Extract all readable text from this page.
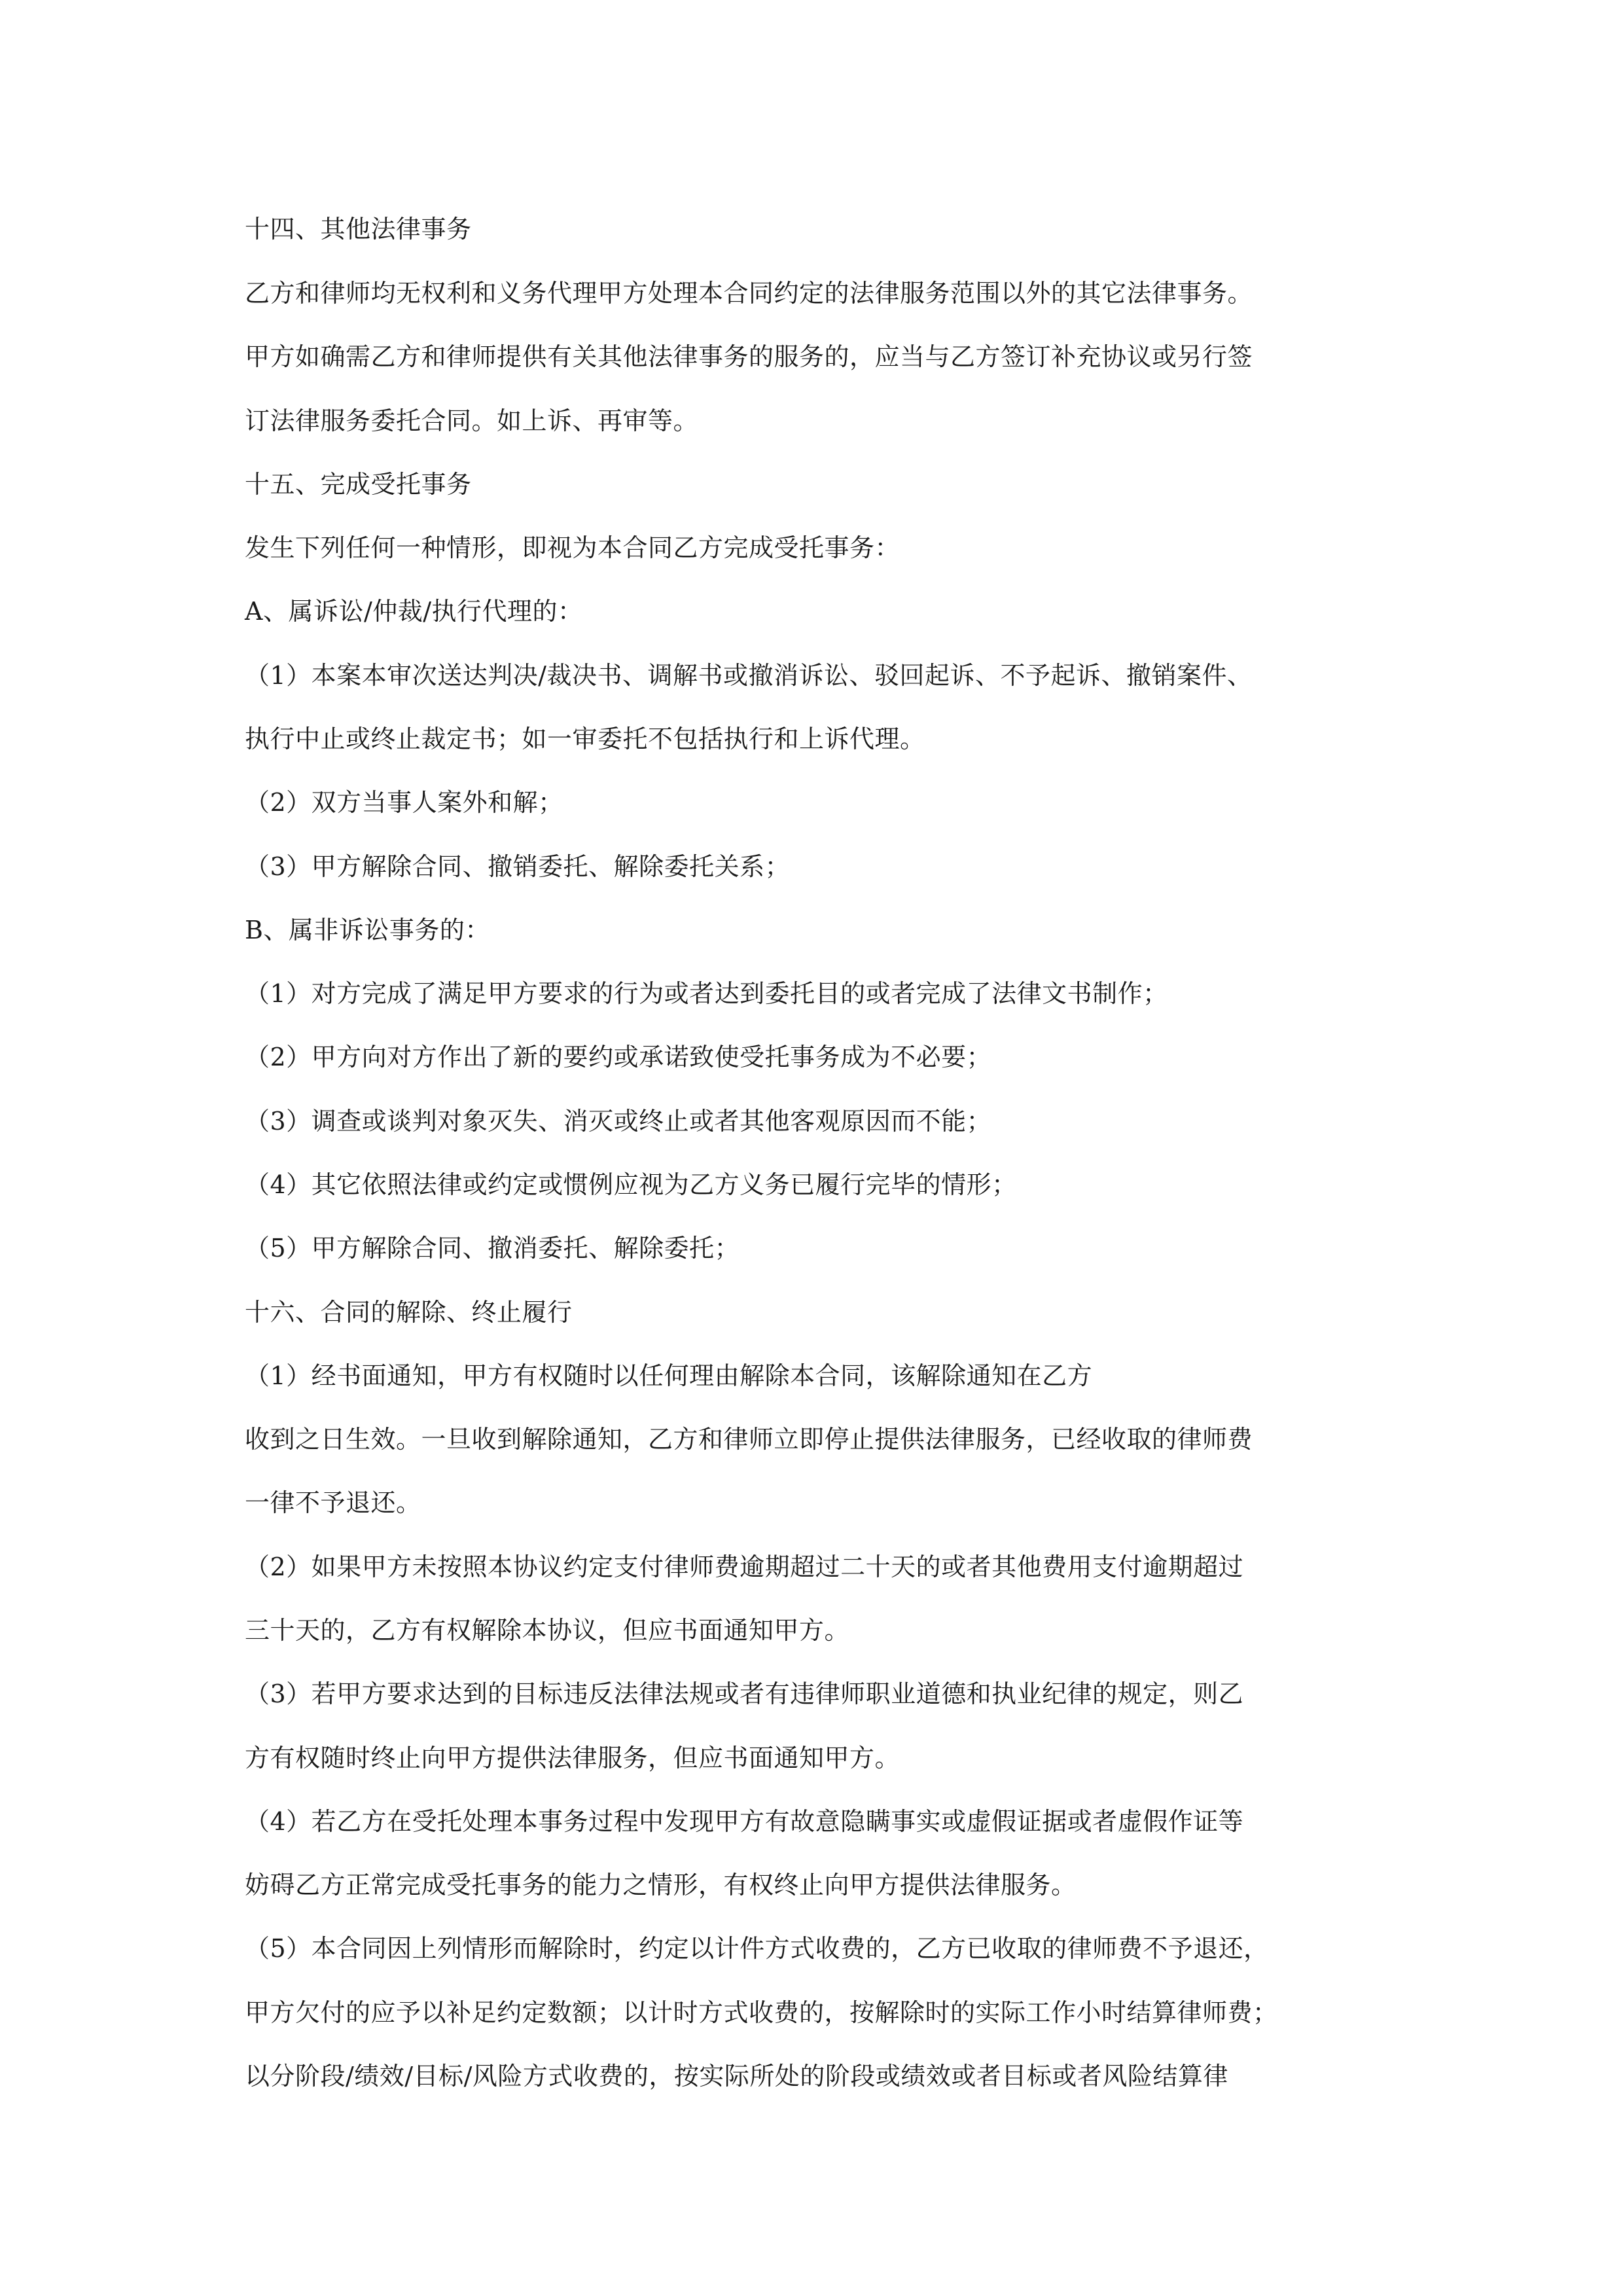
十四、其他法律事务
乙方和律师均无权利和义务代理甲方处理本合同约定的法律服务范围以外的其它法律事务。
甲方如确需乙方和律师提供有关其他法律事务的服务的，应当与乙方签订补充协议或另行签
订法律服务委托合同。如上诉、再审等。
十五、完成受托事务
发生下列任何一种情形，即视为本合同乙方完成受托事务：
A、属诉讼/仲裁/执行代理的：
（1）本案本审次送达判决/裁决书、调解书或撤消诉讼、驳回起诉、不予起诉、撤销案件、
执行中止或终止裁定书；如一审委托不包括执行和上诉代理。
（2）双方当事人案外和解；
（3）甲方解除合同、撤销委托、解除委托关系；
B、属非诉讼事务的：
（1）对方完成了满足甲方要求的行为或者达到委托目的或者完成了法律文书制作；
（2）甲方向对方作出了新的要约或承诺致使受托事务成为不必要；
（3）调查或谈判对象灭失、消灭或终止或者其他客观原因而不能；
（4）其它依照法律或约定或惯例应视为乙方义务已履行完毕的情形；
（5）甲方解除合同、撤消委托、解除委托；
十六、合同的解除、终止履行
（1）经书面通知，甲方有权随时以任何理由解除本合同，该解除通知在乙方
收到之日生效。一旦收到解除通知，乙方和律师立即停止提供法律服务，已经收取的律师费
一律不予退还。
（2）如果甲方未按照本协议约定支付律师费逾期超过二十天的或者其他费用支付逾期超过
三十天的，乙方有权解除本协议，但应书面通知甲方。
（3）若甲方要求达到的目标违反法律法规或者有违律师职业道德和执业纪律的规定，则乙
方有权随时终止向甲方提供法律服务，但应书面通知甲方。
（4）若乙方在受托处理本事务过程中发现甲方有故意隐瞒事实或虚假证据或者虚假作证等
妨碍乙方正常完成受托事务的能力之情形，有权终止向甲方提供法律服务。
（5）本合同因上列情形而解除时，约定以计件方式收费的，乙方已收取的律师费不予退还，
甲方欠付的应予以补足约定数额；以计时方式收费的，按解除时的实际工作小时结算律师费；
以分阶段/绩效/目标/风险方式收费的，按实际所处的阶段或绩效或者目标或者风险结算律
